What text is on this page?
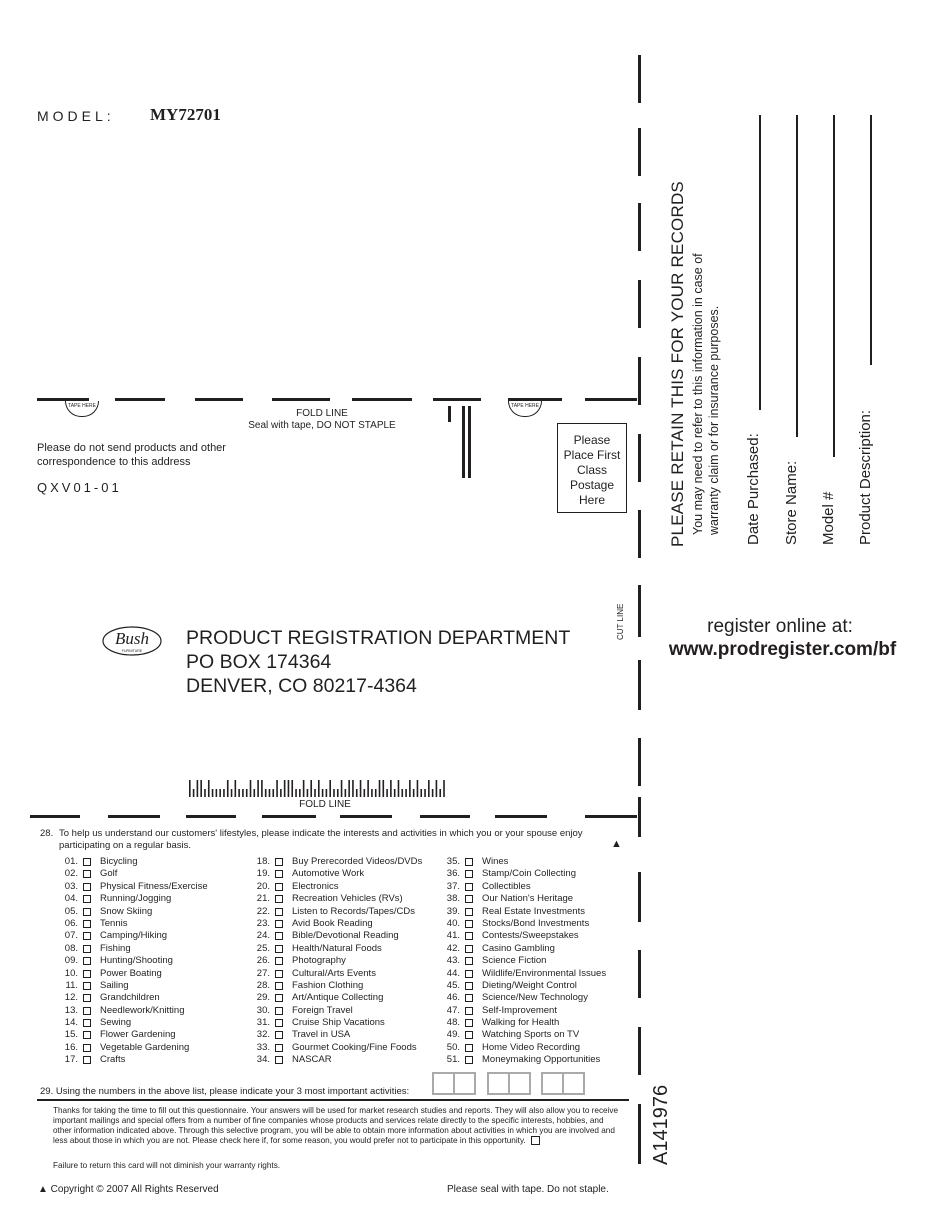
MODEL: MY72701
TAPE HERE	TAPE HERE
FOLD LINE
Seal with tape, DO NOT STAPLE
Please do not send products and other correspondence to this address
QXV01-01
Please Place First Class Postage Here
CUT LINE
PLEASE RETAIN THIS FOR YOUR RECORDS You may need to refer to this information in case of warranty claim or for insurance purposes. Date Purchased: Store Name: Model # Product Description:
register online at:
www.prodregister.com/bf
Bush
FURNITURE
PRODUCT REGISTRATION DEPARTMENT
PO BOX 174364
DENVER, CO 80217-4364
FOLD LINE
28. To help us understand our customers' lifestyles, please indicate the interests and activities in which you or your spouse enjoy participating on a regular basis.	▲
01. Bicycling
02. Golf
03. Physical Fitness/Exercise
04. Running/Jogging
05. Snow Skiing
06. Tennis
07. Camping/Hiking
08. Fishing
09. Hunting/Shooting
10. Power Boating
11. Sailing
12. Grandchildren
13. Needlework/Knitting
14. Sewing
15. Flower Gardening
16. Vegetable Gardening
17. Crafts
18. Buy Prerecorded Videos/DVDs
19. Automotive Work
20. Electronics
21. Recreation Vehicles (RVs)
22. Listen to Records/Tapes/CDs
23. Avid Book Reading
24. Bible/Devotional Reading
25. Health/Natural Foods
26. Photography
27. Cultural/Arts Events
28. Fashion Clothing
29. Art/Antique Collecting
30. Foreign Travel
31. Cruise Ship Vacations
32. Travel in USA
33. Gourmet Cooking/Fine Foods
34. NASCAR
35. Wines
36. Stamp/Coin Collecting
37. Collectibles
38. Our Nation's Heritage
39. Real Estate Investments
40. Stocks/Bond Investments
41. Contests/Sweepstakes
42. Casino Gambling
43. Science Fiction
44. Wildlife/Environmental Issues
45. Dieting/Weight Control
46. Science/New Technology
47. Self-Improvement
48. Walking for Health
49. Watching Sports on TV
50. Home Video Recording
51. Moneymaking Opportunities
29. Using the numbers in the above list, please indicate your 3 most important activities:
Thanks for taking the time to fill out this questionnaire. Your answers will be used for market research studies and reports. They will also allow you to receive important mailings and special offers from a number of fine companies whose products and services relate directly to the specific interests, hobbies, and other information indicated above. Through this selective program, you will be able to obtain more information about activities in which you are involved and less about those in which you are not. Please check here if, for some reason, you would prefer not to participate in this opportunity.
Failure to return this card will not diminish your warranty rights.
▲ Copyright © 2007 All Rights Reserved	Please seal with tape. Do not staple.
A141976
